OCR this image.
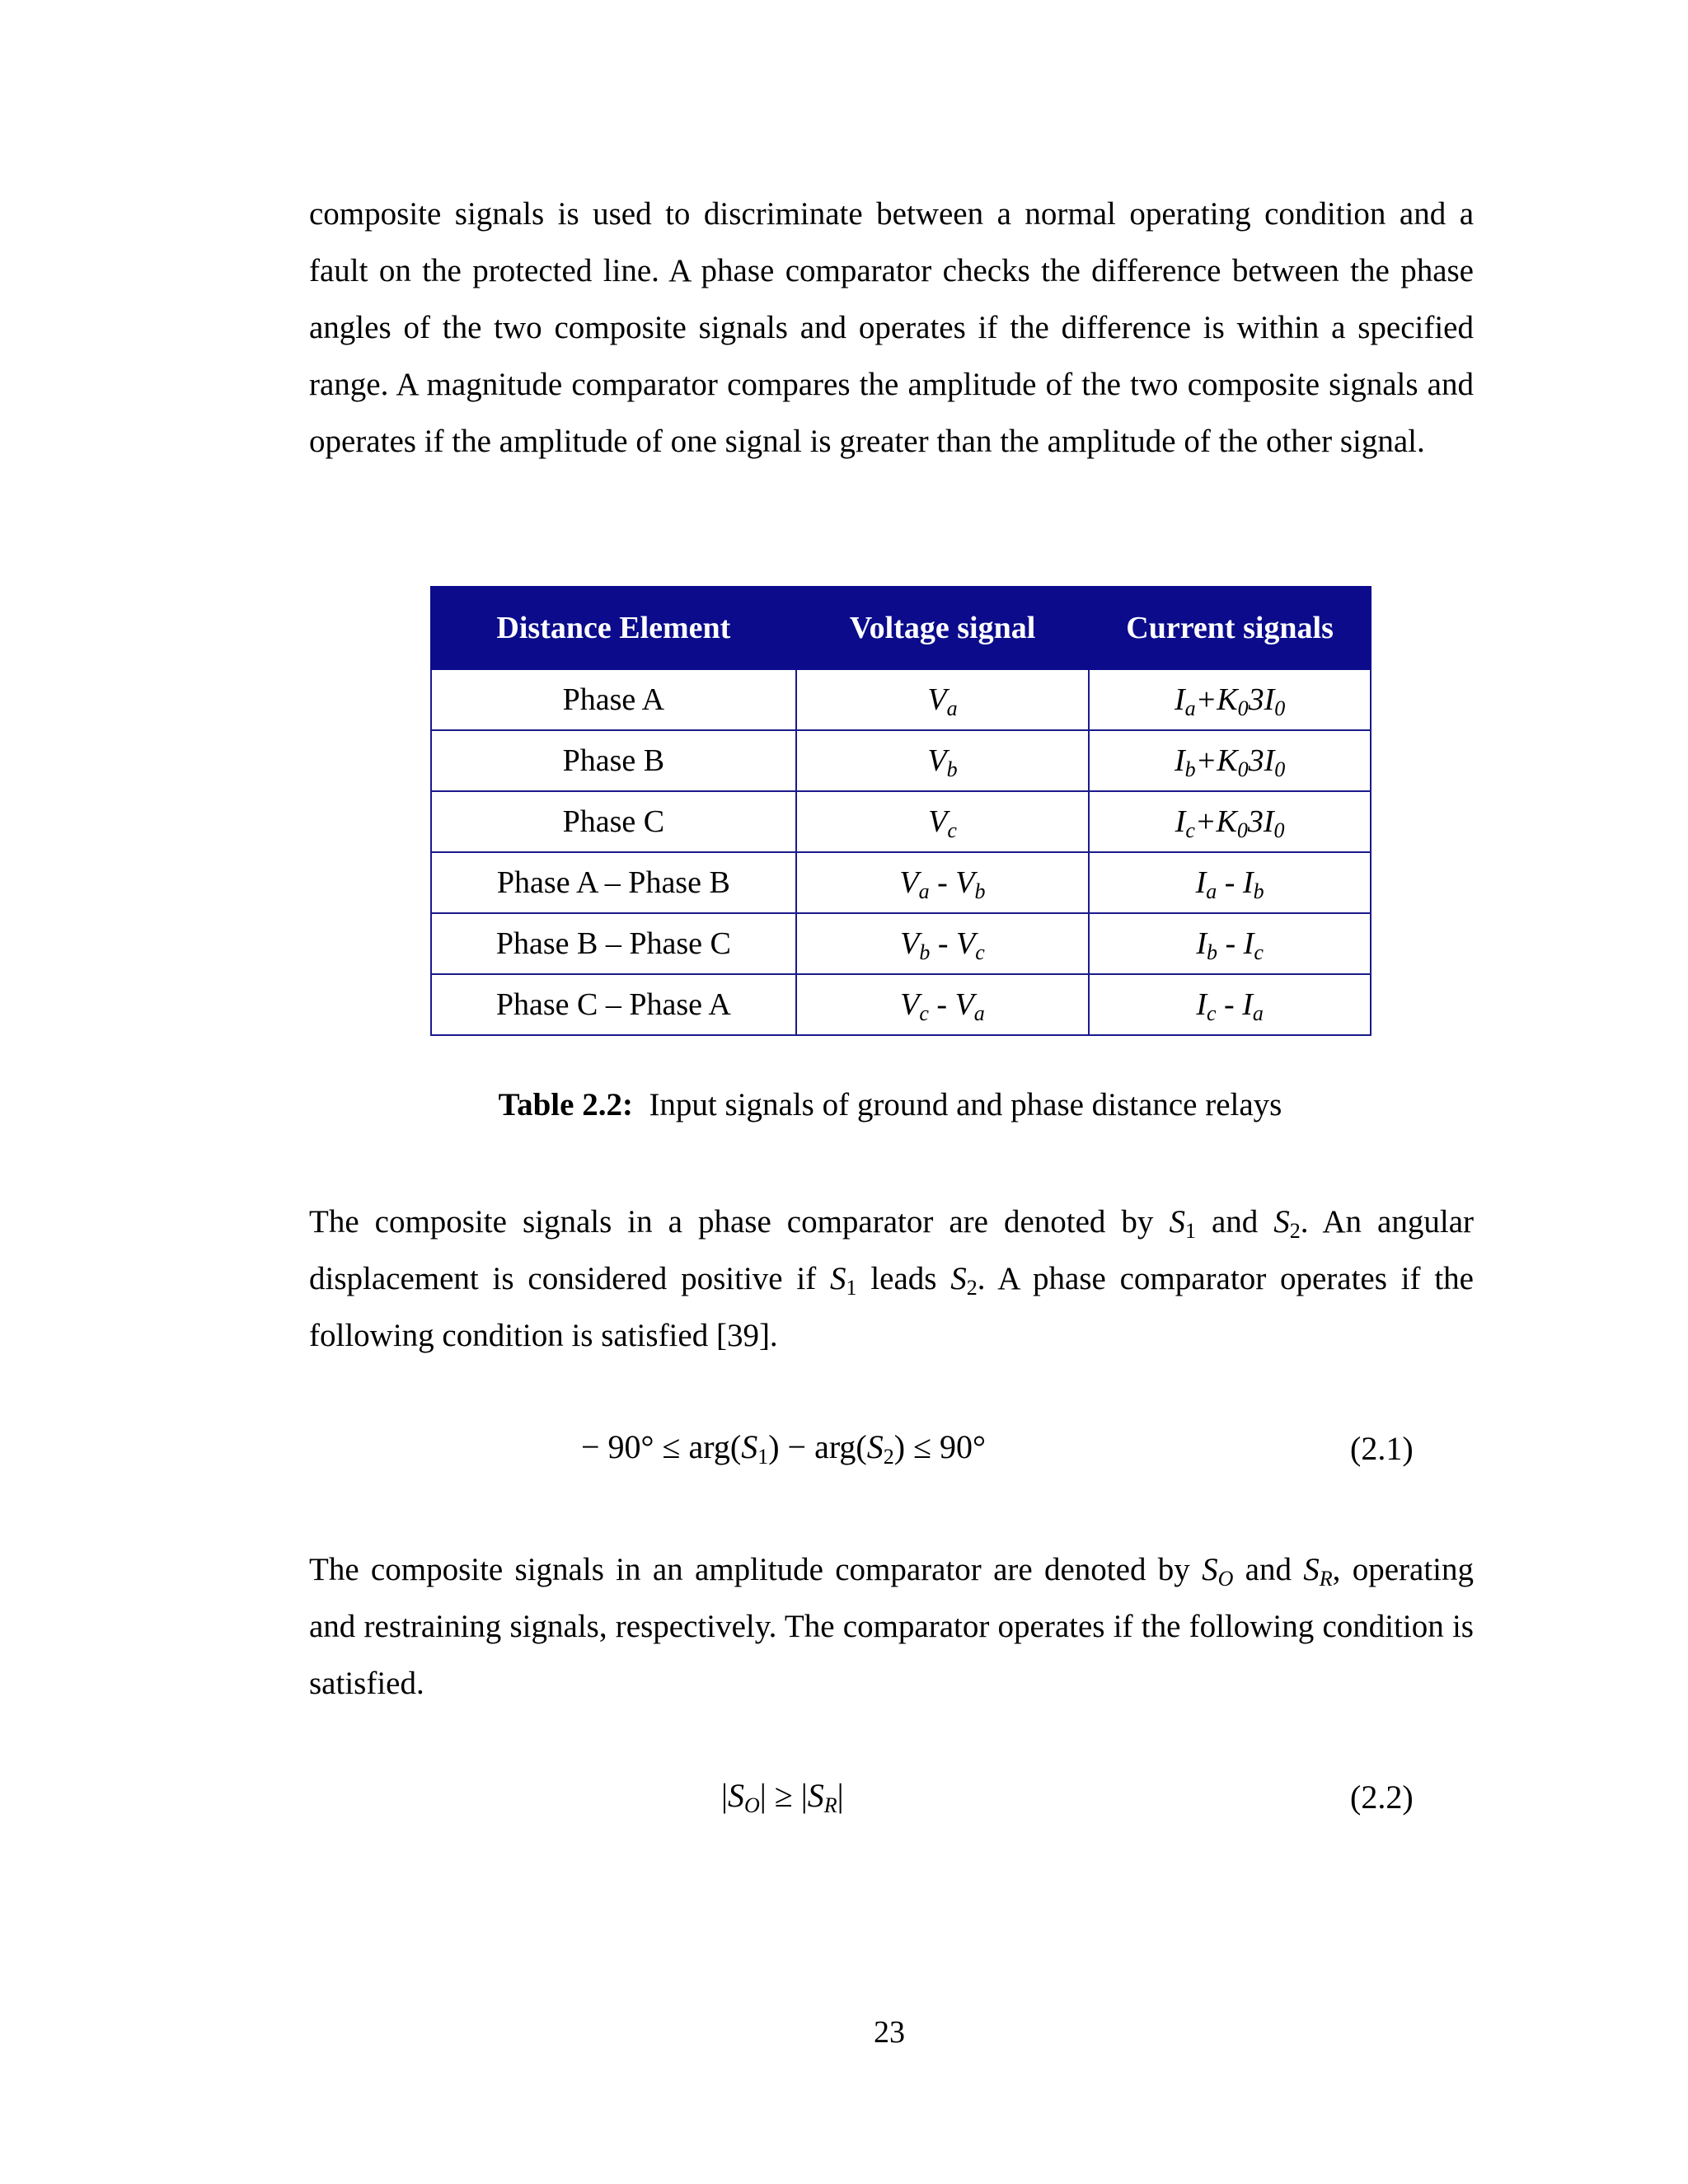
composite signals is used to discriminate between a normal operating condition and a fault on the protected line. A phase comparator checks the difference between the phase angles of the two composite signals and operates if the difference is within a specified range. A magnitude comparator compares the amplitude of the two composite signals and operates if the amplitude of one signal is greater than the amplitude of the other signal.

Distance Element	Voltage signal	Current signals
Phase A	$V_a$	$I_a+K_03I_0$
Phase B	$V_b$	$I_b+K_03I_0$
Phase C	$V_c$	$I_c+K_03I_0$
Phase A – Phase B	$V_a - V_b$	$I_a - I_b$
Phase B – Phase C	$V_b - V_c$	$I_b - I_c$
Phase C – Phase A	$V_c - V_a$	$I_c - I_a$

Table 2.2:  Input signals of ground and phase distance relays

The composite signals in a phase comparator are denoted by $S_1$ and $S_2$. An angular displacement is considered positive if $S_1$ leads $S_2$. A phase comparator operates if the following condition is satisfied [39].

− $90^\circ \le arg(S_1) - arg(S_2) \le 90^\circ$	(2.1)

The composite signals in an amplitude comparator are denoted by $S_O$ and $S_R$, operating and restraining signals, respectively. The comparator operates if the following condition is satisfied.

$|S_O| \ge |S_R|$	(2.2)
23
